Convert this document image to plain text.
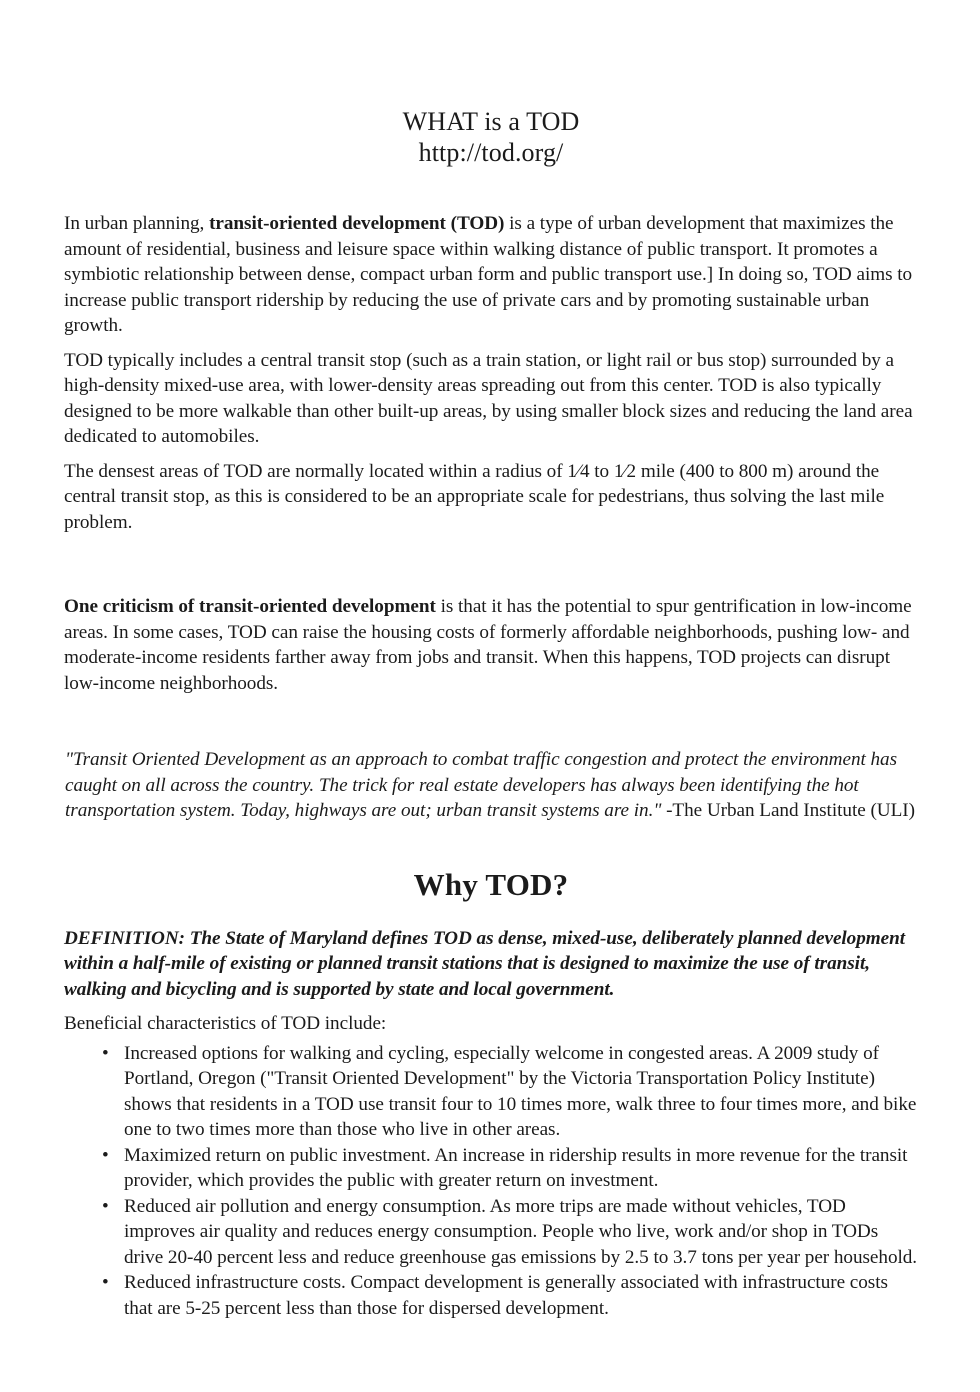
WHAT is a TOD
http://tod.org/

In urban planning, transit-oriented development (TOD) is a type of urban development that maximizes the amount of residential, business and leisure space within walking distance of public transport. It promotes a symbiotic relationship between dense, compact urban form and public transport use.] In doing so, TOD aims to increase public transport ridership by reducing the use of private cars and by promoting sustainable urban growth.

TOD typically includes a central transit stop (such as a train station, or light rail or bus stop) surrounded by a high-density mixed-use area, with lower-density areas spreading out from this center. TOD is also typically designed to be more walkable than other built-up areas, by using smaller block sizes and reducing the land area dedicated to automobiles.

The densest areas of TOD are normally located within a radius of 1⁄4 to 1⁄2 mile (400 to 800 m) around the central transit stop, as this is considered to be an appropriate scale for pedestrians, thus solving the last mile problem.

One criticism of transit-oriented development is that it has the potential to spur gentrification in low-income areas. In some cases, TOD can raise the housing costs of formerly affordable neighborhoods, pushing low- and moderate-income residents farther away from jobs and transit. When this happens, TOD projects can disrupt low-income neighborhoods.

"Transit Oriented Development as an approach to combat traffic congestion and protect the environment has caught on all across the country. The trick for real estate developers has always been identifying the hot transportation system. Today, highways are out; urban transit systems are in." -The Urban Land Institute (ULI)

Why TOD?

DEFINITION: The State of Maryland defines TOD as dense, mixed-use, deliberately planned development within a half-mile of existing or planned transit stations that is designed to maximize the use of transit, walking and bicycling and is supported by state and local government.

Beneficial characteristics of TOD include:

• Increased options for walking and cycling, especially welcome in congested areas. A 2009 study of Portland, Oregon ("Transit Oriented Development" by the Victoria Transportation Policy Institute) shows that residents in a TOD use transit four to 10 times more, walk three to four times more, and bike one to two times more than those who live in other areas.
• Maximized return on public investment. An increase in ridership results in more revenue for the transit provider, which provides the public with greater return on investment.
• Reduced air pollution and energy consumption. As more trips are made without vehicles, TOD improves air quality and reduces energy consumption. People who live, work and/or shop in TODs drive 20-40 percent less and reduce greenhouse gas emissions by 2.5 to 3.7 tons per year per household.
• Reduced infrastructure costs. Compact development is generally associated with infrastructure costs that are 5-25 percent less than those for dispersed development.
